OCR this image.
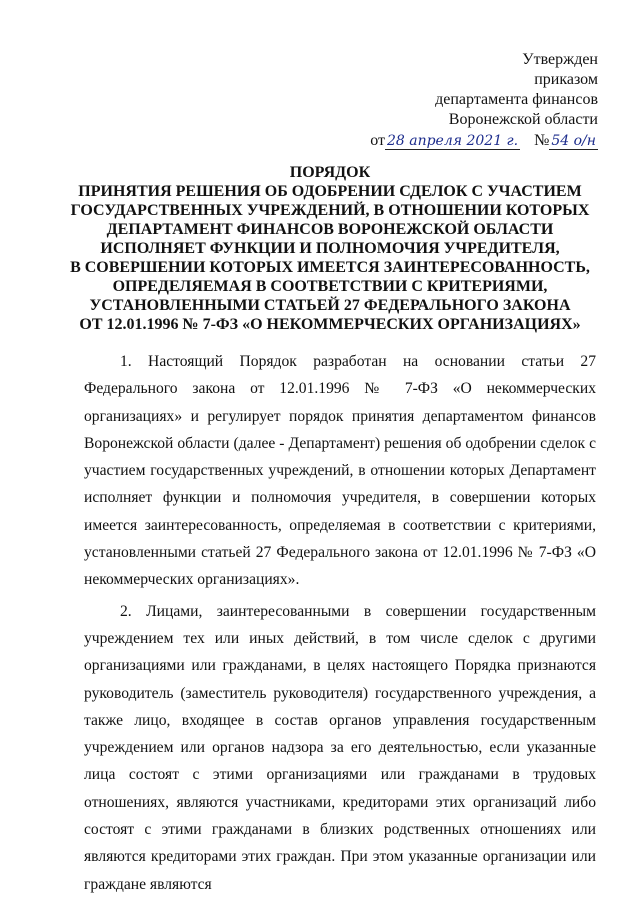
Утвержден
приказом
департамента финансов
Воронежской области
от 28 апреля 2021 г. № 54 о/н
ПОРЯДОК
ПРИНЯТИЯ РЕШЕНИЯ ОБ ОДОБРЕНИИ СДЕЛОК С УЧАСТИЕМ
ГОСУДАРСТВЕННЫХ УЧРЕЖДЕНИЙ, В ОТНОШЕНИИ КОТОРЫХ
ДЕПАРТАМЕНТ ФИНАНСОВ ВОРОНЕЖСКОЙ ОБЛАСТИ
ИСПОЛНЯЕТ ФУНКЦИИ И ПОЛНОМОЧИЯ УЧРЕДИТЕЛЯ,
В СОВЕРШЕНИИ КОТОРЫХ ИМЕЕТСЯ ЗАИНТЕРЕСОВАННОСТЬ,
ОПРЕДЕЛЯЕМАЯ В СООТВЕТСТВИИ С КРИТЕРИЯМИ,
УСТАНОВЛЕННЫМИ СТАТЬЕЙ 27 ФЕДЕРАЛЬНОГО ЗАКОНА
ОТ 12.01.1996 № 7-ФЗ «О НЕКОММЕРЧЕСКИХ ОРГАНИЗАЦИЯХ»

1. Настоящий Порядок разработан на основании статьи 27 Федерального закона от 12.01.1996 № 7-ФЗ «О некоммерческих организациях» и регулирует порядок принятия департаментом финансов Воронежской области (далее - Департамент) решения об одобрении сделок с участием государственных учреждений, в отношении которых Департамент исполняет функции и полномочия учредителя, в совершении которых имеется заинтересованность, определяемая в соответствии с критериями, установленными статьей 27 Федерального закона от 12.01.1996 № 7-ФЗ «О некоммерческих организациях».

2. Лицами, заинтересованными в совершении государственным учреждением тех или иных действий, в том числе сделок с другими организациями или гражданами, в целях настоящего Порядка признаются руководитель (заместитель руководителя) государственного учреждения, а также лицо, входящее в состав органов управления государственным учреждением или органов надзора за его деятельностью, если указанные лица состоят с этими организациями или гражданами в трудовых отношениях, являются участниками, кредиторами этих организаций либо состоят с этими гражданами в близких родственных отношениях или являются кредиторами этих граждан. При этом указанные организации или граждане являются
